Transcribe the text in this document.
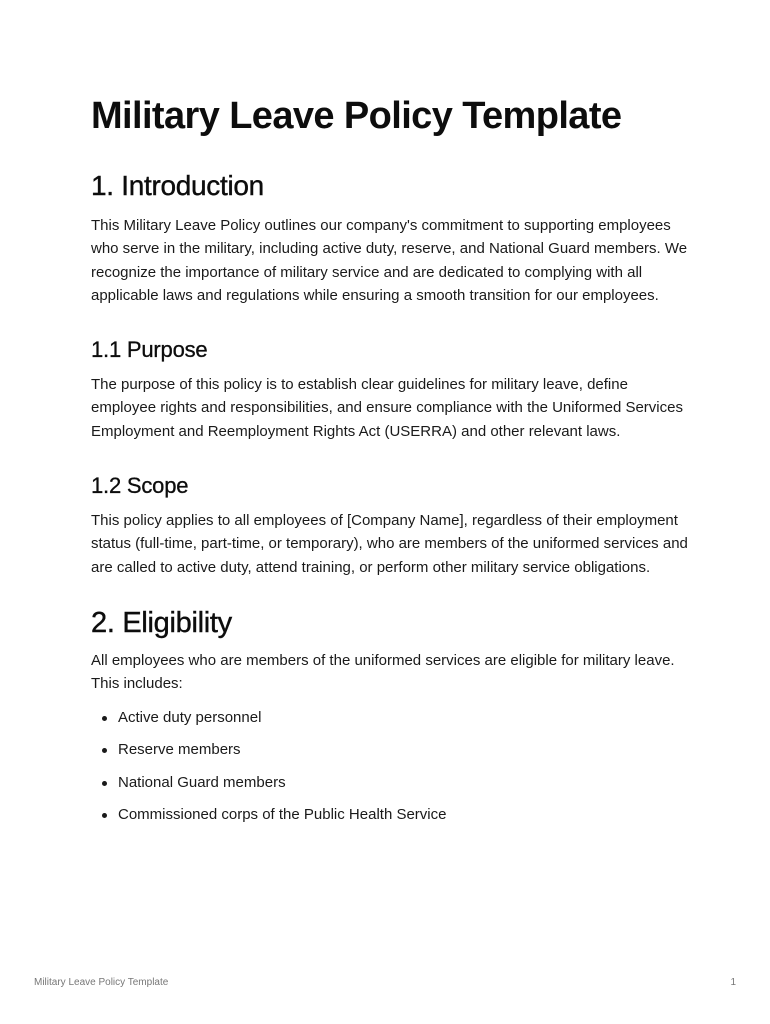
Military Leave Policy Template
1. Introduction

This Military Leave Policy outlines our company's commitment to supporting employees who serve in the military, including active duty, reserve, and National Guard members. We recognize the importance of military service and are dedicated to complying with all applicable laws and regulations while ensuring a smooth transition for our employees.

1.1 Purpose

The purpose of this policy is to establish clear guidelines for military leave, define employee rights and responsibilities, and ensure compliance with the Uniformed Services Employment and Reemployment Rights Act (USERRA) and other relevant laws.

1.2 Scope

This policy applies to all employees of [Company Name], regardless of their employment status (full-time, part-time, or temporary), who are members of the uniformed services and are called to active duty, attend training, or perform other military service obligations.

2. Eligibility

All employees who are members of the uniformed services are eligible for military leave. This includes:

Active duty personnel
Reserve members
National Guard members
Commissioned corps of the Public Health Service
Military Leave Policy Template	1
